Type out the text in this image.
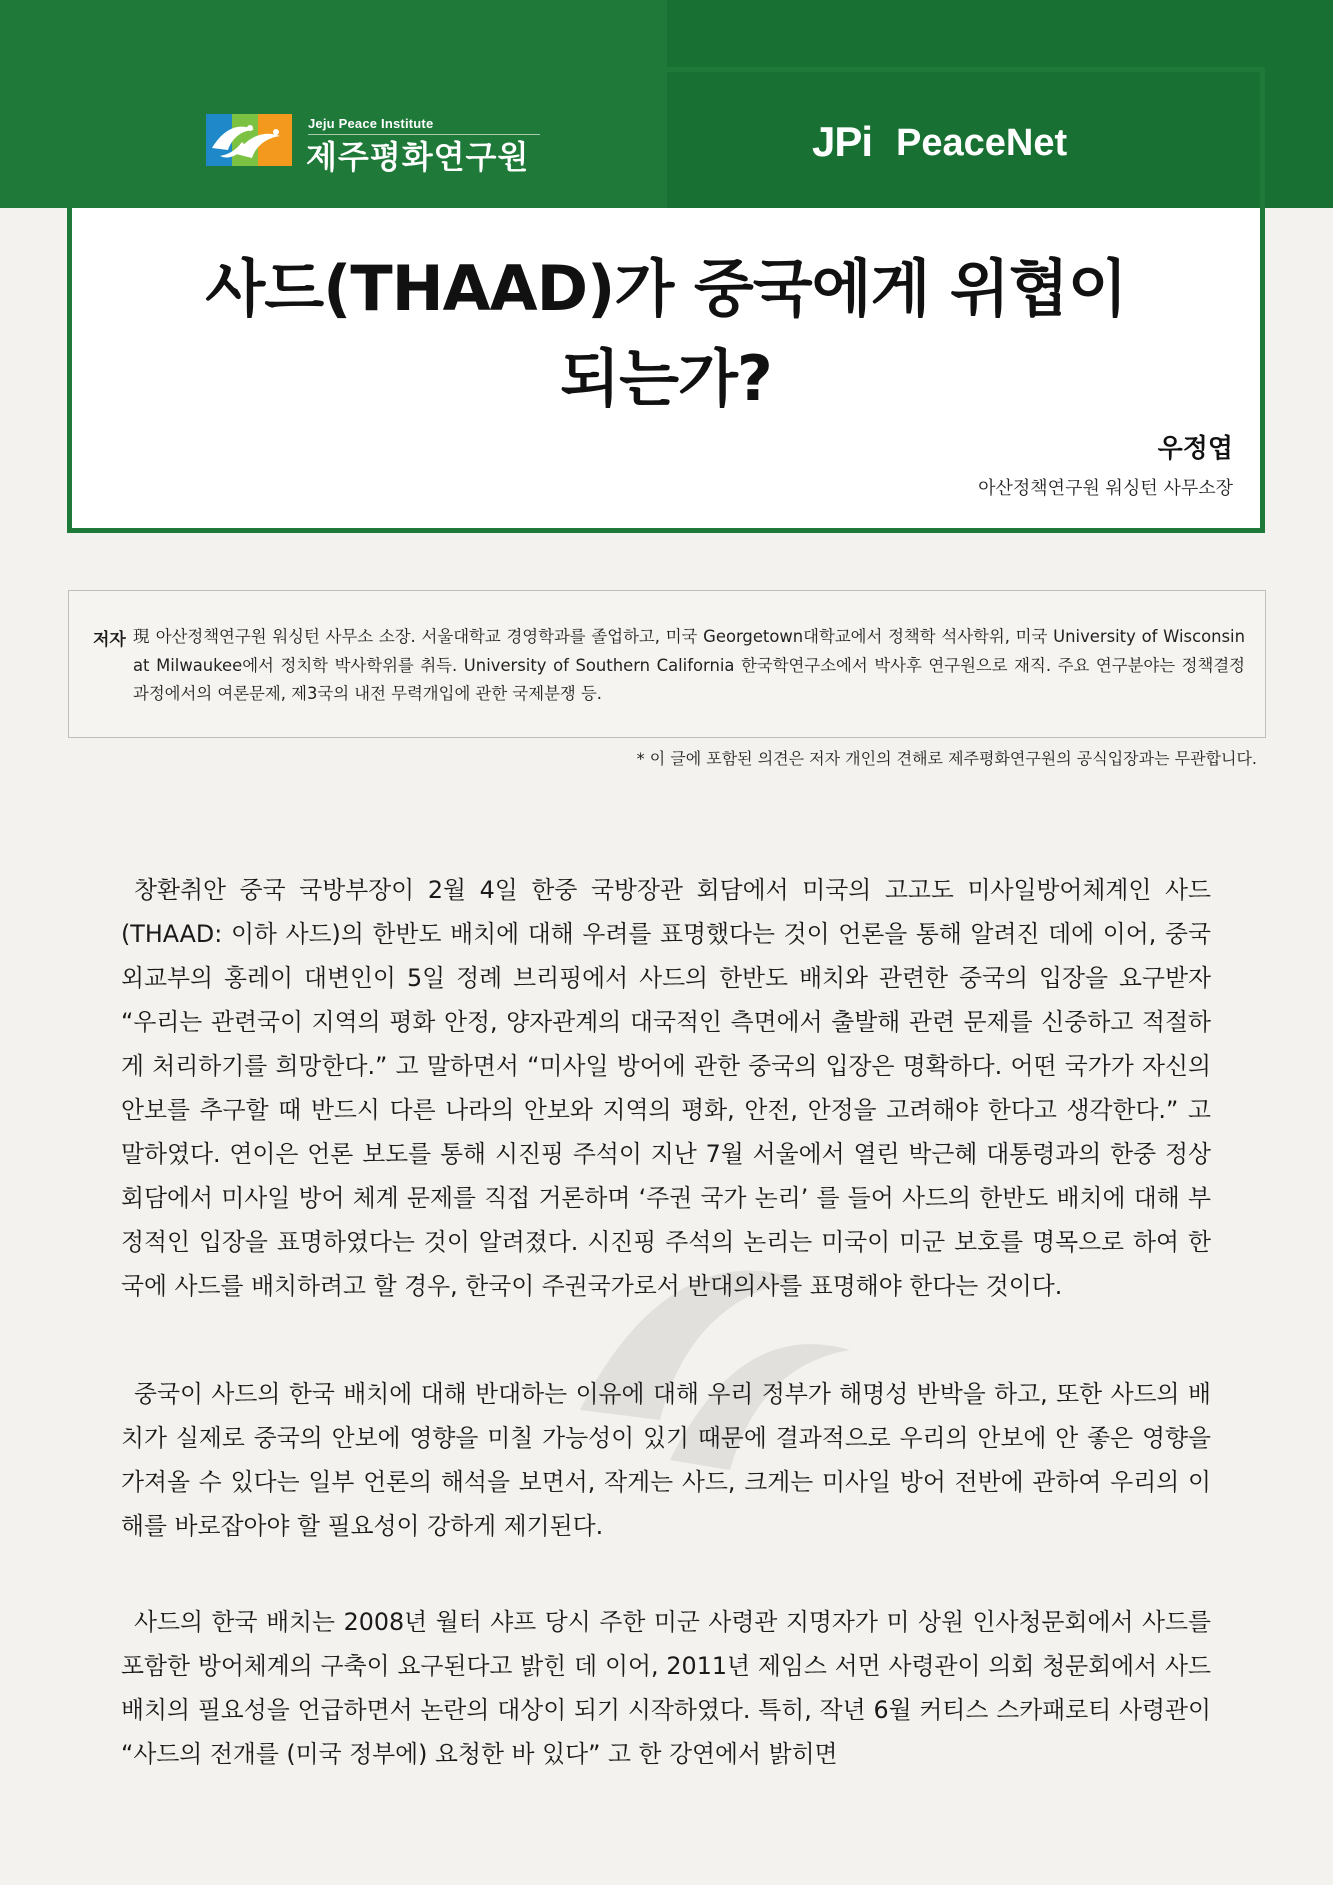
Jeju Peace Institute
제주평화연구원	JPi PeaceNet
사드(THAAD)가 중국에게 위협이
되는가?
우정엽
아산정책연구원 워싱턴 사무소장
저자 現 아산정책연구원 워싱턴 사무소 소장. 서울대학교 경영학과를 졸업하고, 미국 Georgetown대학교에서 정책학 석사학위, 미국 University of Wisconsin at Milwaukee에서 정치학 박사학위를 취득. University of Southern California 한국학연구소에서 박사후 연구원으로 재직. 주요 연구분야는 정책결정 과정에서의 여론문제, 제3국의 내전 무력개입에 관한 국제분쟁 등.
* 이 글에 포함된 의견은 저자 개인의 견해로 제주평화연구원의 공식입장과는 무관합니다.
창환취안 중국 국방부장이 2월 4일 한중 국방장관 회담에서 미국의 고고도 미사일방어체계인 사드 (THAAD: 이하 사드)의 한반도 배치에 대해 우려를 표명했다는 것이 언론을 통해 알려진 데에 이어, 중국 외교부의 홍레이 대변인이 5일 정례 브리핑에서 사드의 한반도 배치와 관련한 중국의 입장을 요구받자 “우리는 관련국이 지역의 평화 안정, 양자관계의 대국적인 측면에서 출발해 관련 문제를 신중하고 적절하게 처리하기를 희망한다.” 고 말하면서 “미사일 방어에 관한 중국의 입장은 명확하다. 어떤 국가가 자신의 안보를 추구할 때 반드시 다른 나라의 안보와 지역의 평화, 안전, 안정을 고려해야 한다고 생각한다.” 고 말하였다. 연이은 언론 보도를 통해 시진핑 주석이 지난 7월 서울에서 열린 박근혜 대통령과의 한중 정상회담에서 미사일 방어 체계 문제를 직접 거론하며 ‘주권 국가 논리’ 를 들어 사드의 한반도 배치에 대해 부정적인 입장을 표명하였다는 것이 알려졌다. 시진핑 주석의 논리는 미국이 미군 보호를 명목으로 하여 한국에 사드를 배치하려고 할 경우, 한국이 주권국가로서 반대의사를 표명해야 한다는 것이다.
중국이 사드의 한국 배치에 대해 반대하는 이유에 대해 우리 정부가 해명성 반박을 하고, 또한 사드의 배치가 실제로 중국의 안보에 영향을 미칠 가능성이 있기 때문에 결과적으로 우리의 안보에 안 좋은 영향을 가져올 수 있다는 일부 언론의 해석을 보면서, 작게는 사드, 크게는 미사일 방어 전반에 관하여 우리의 이해를 바로잡아야 할 필요성이 강하게 제기된다.
사드의 한국 배치는 2008년 월터 샤프 당시 주한 미군 사령관 지명자가 미 상원 인사청문회에서 사드를 포함한 방어체계의 구축이 요구된다고 밝힌 데 이어, 2011년 제임스 서먼 사령관이 의회 청문회에서 사드 배치의 필요성을 언급하면서 논란의 대상이 되기 시작하였다. 특히, 작년 6월 커티스 스카패로티 사령관이 “사드의 전개를 (미국 정부에) 요청한 바 있다” 고 한 강연에서 밝히면
